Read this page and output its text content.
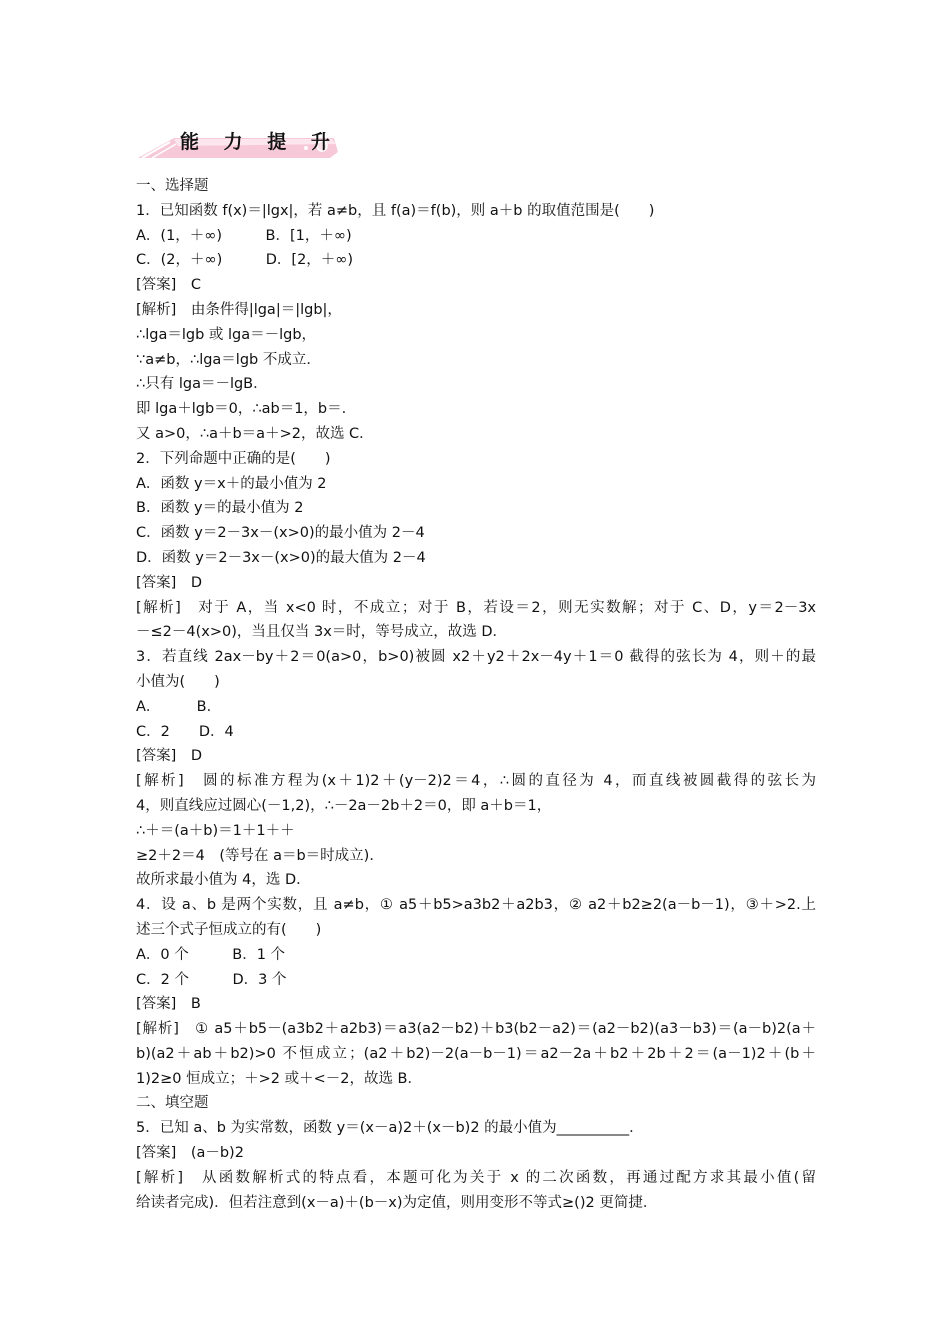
能 力 提 升
一、选择题
1．已知函数 f(x)＝|lgx|，若 a≠b，且 f(a)＝f(b)，则 a＋b 的取值范围是(　　)
A．(1，＋∞)　　　B．[1，＋∞)
C．(2，＋∞)　　　D．[2，＋∞)
[答案]　C
[解析]　由条件得|lga|＝|lgb|，
∴lga＝lgb 或 lga＝－lgb，
∵a≠b，∴lga＝lgb 不成立．
∴只有 lga＝－lgB．
即 lga＋lgb＝0，∴ab＝1，b＝.
又 a>0，∴a＋b＝a＋>2，故选 C．
2．下列命题中正确的是(　　)
A．函数 y＝x＋的最小值为 2
B．函数 y＝的最小值为 2
C．函数 y＝2－3x－(x>0)的最小值为 2－4
D．函数 y＝2－3x－(x>0)的最大值为 2－4
[答案]　D
[解析]　对于 A，当 x<0 时，不成立；对于 B，若设＝2，则无实数解；对于 C、D，y＝2－3x
－≤2－4(x>0)，当且仅当 3x＝时，等号成立，故选 D．
3．若直线 2ax－by＋2＝0(a>0，b>0)被圆 x2＋y2＋2x－4y＋1＝0 截得的弦长为 4，则＋的最
小值为(　　)
A．　　　B．
C．2　　D．4
[答案]　D
[解析]　圆的标准方程为(x＋1)2＋(y－2)2＝4，∴圆的直径为 4，而直线被圆截得的弦长为
4，则直线应过圆心(－1,2)，∴－2a－2b＋2＝0，即 a＋b＝1，
∴＋＝(a＋b)＝1＋1＋＋
≥2＋2＝4　(等号在 a＝b＝时成立)．
故所求最小值为 4，选 D．
4．设 a、b 是两个实数，且 a≠b，① a5＋b5>a3b2＋a2b3，② a2＋b2≥2(a－b－1)，③＋>2.上
述三个式子恒成立的有(　　)
A．0 个　　　B．1 个
C．2 个　　　D．3 个
[答案]　B
[解析]　① a5＋b5－(a3b2＋a2b3)＝a3(a2－b2)＋b3(b2－a2)＝(a2－b2)(a3－b3)＝(a－b)2(a＋
b)(a2＋ab＋b2)>0 不恒成立；(a2＋b2)－2(a－b－1)＝a2－2a＋b2＋2b＋2＝(a－1)2＋(b＋
1)2≥0 恒成立；＋>2 或＋<－2，故选 B．
二、填空题
5．已知 a、b 为实常数，函数 y＝(x－a)2＋(x－b)2 的最小值为__________．
[答案]　(a－b)2
[解析]　从函数解析式的特点看，本题可化为关于 x 的二次函数，再通过配方求其最小值(留
给读者完成)．但若注意到(x－a)＋(b－x)为定值，则用变形不等式≥()2 更简捷．
